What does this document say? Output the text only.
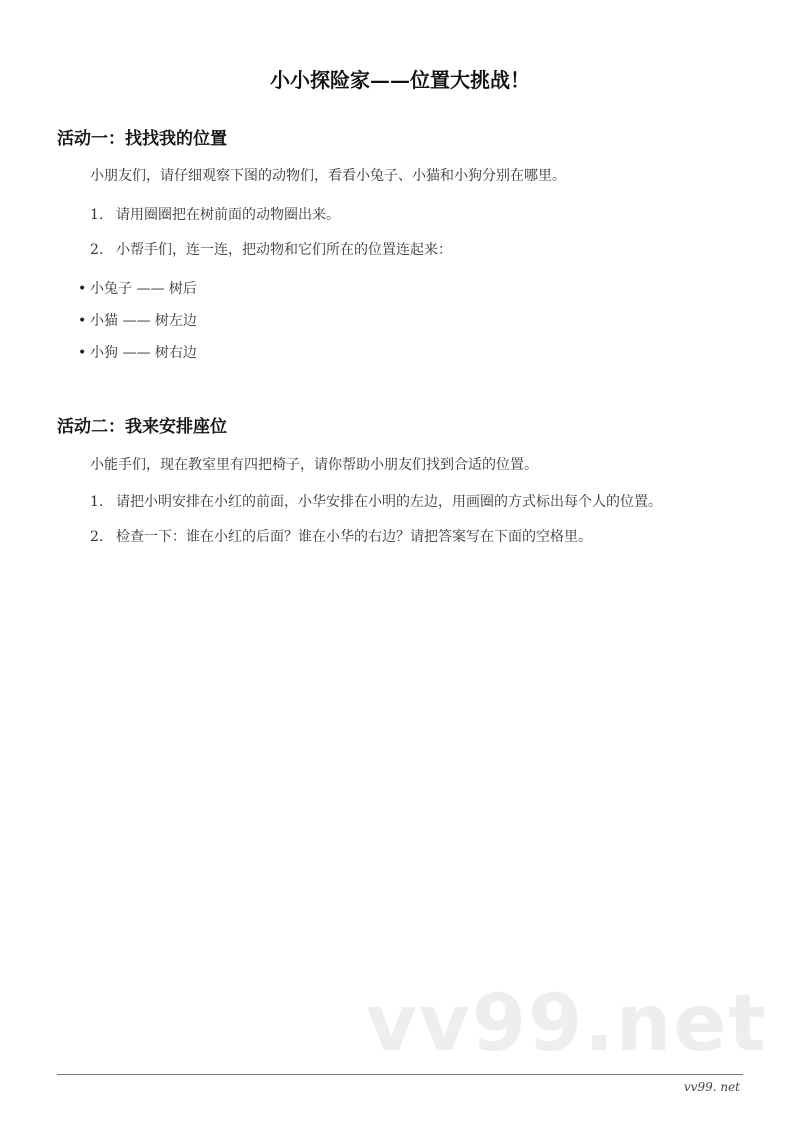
小小探险家——位置大挑战！
活动一：找找我的位置

小朋友们，请仔细观察下图的动物们，看看小兔子、小猫和小狗分别在哪里。

1. 请用圈圈把在树前面的动物圈出来。
2. 小帮手们，连一连，把动物和它们所在的位置连起来：
• 小兔子 —— 树后
• 小猫 —— 树左边
• 小狗 —— 树右边
活动二：我来安排座位

小能手们，现在教室里有四把椅子，请你帮助小朋友们找到合适的位置。

1. 请把小明安排在小红的前面，小华安排在小明的左边，用画圈的方式标出每个人的位置。
2. 检查一下：谁在小红的后面？谁在小华的右边？请把答案写在下面的空格里。
vv99.net
vv99. net
